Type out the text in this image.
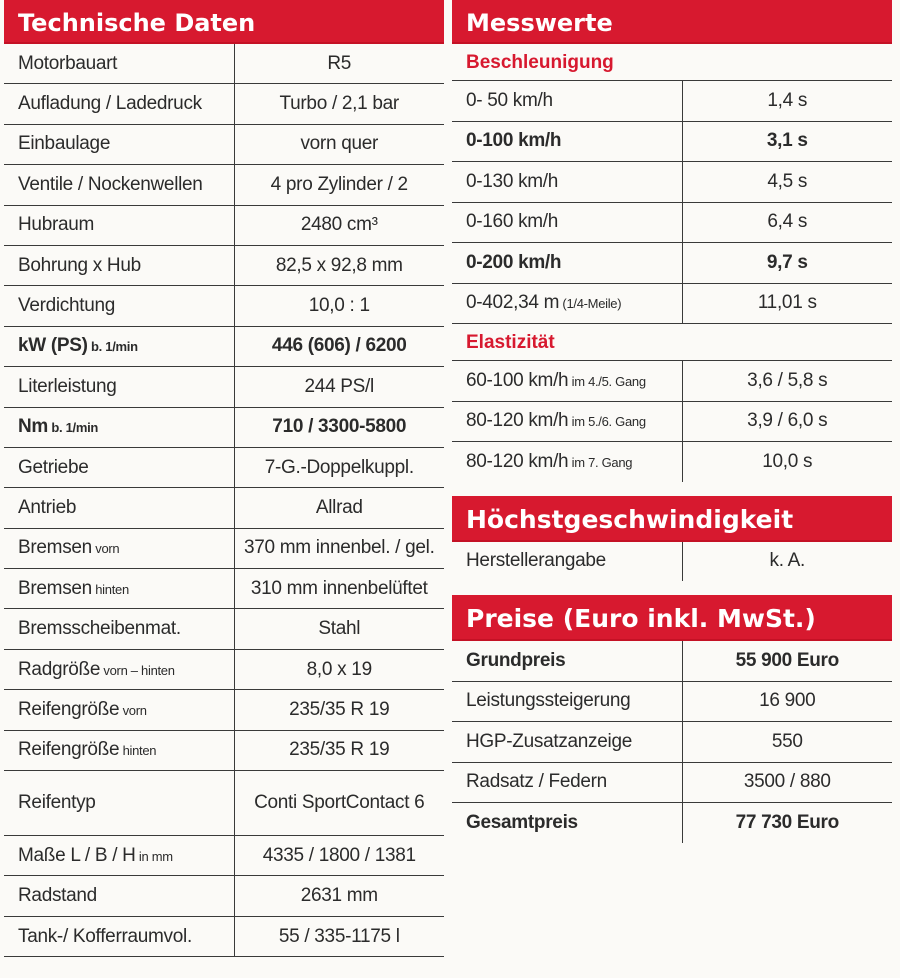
Technische Daten
Motorbauart	R5
Aufladung / Ladedruck	Turbo / 2,1 bar
Einbaulage	vorn quer
Ventile / Nockenwellen	4 pro Zylinder / 2
Hubraum	2480 cm³
Bohrung x Hub	82,5 x 92,8 mm
Verdichtung	10,0 : 1
kW (PS) b. 1/min	446 (606) / 6200
Literleistung	244 PS/l
Nm b. 1/min	710 / 3300-5800
Getriebe	7-G.-Doppelkuppl.
Antrieb	Allrad
Bremsen vorn	370 mm innenbel. / gel.
Bremsen hinten	310 mm innenbelüftet
Bremsscheibenmat.	Stahl
Radgröße vorn – hinten	8,0 x 19
Reifengröße vorn	235/35 R 19
Reifengröße hinten	235/35 R 19
Reifentyp	Conti SportContact 6
Maße L / B / H in mm	4335 / 1800 / 1381
Radstand	2631 mm
Tank-/ Kofferraumvol.	55 / 335-1175 l
Messwerte
Beschleunigung
0- 50 km/h	1,4 s
0-100 km/h	3,1 s
0-130 km/h	4,5 s
0-160 km/h	6,4 s
0-200 km/h	9,7 s
0-402,34 m (1/4-Meile)	11,01 s
Elastizität
60-100 km/h im 4./5. Gang	3,6 / 5,8 s
80-120 km/h im 5./6. Gang	3,9 / 6,0 s
80-120 km/h im 7. Gang	10,0 s
Höchstgeschwindigkeit
Herstellerangabe	k. A.
Preise (Euro inkl. MwSt.)
Grundpreis	55 900 Euro
Leistungssteigerung	16 900
HGP-Zusatzanzeige	550
Radsatz / Federn	3500 / 880
Gesamtpreis	77 730 Euro
